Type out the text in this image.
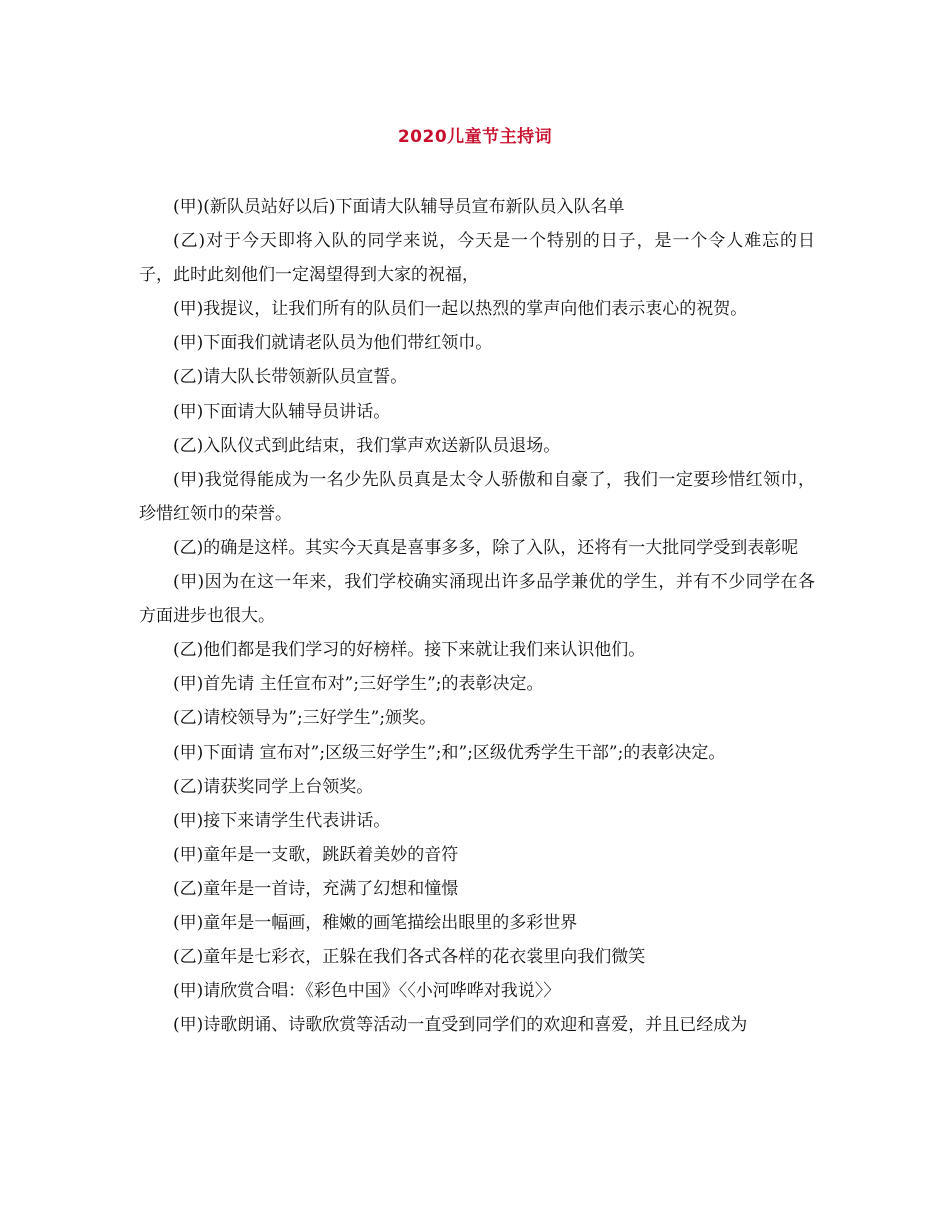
2020儿童节主持词

(甲)(新队员站好以后)下面请大队辅导员宣布新队员入队名单

(乙)对于今天即将入队的同学来说，今天是一个特别的日子，是一个令人难忘的日子，此时此刻他们一定渴望得到大家的祝福，

(甲)我提议，让我们所有的队员们一起以热烈的掌声向他们表示衷心的祝贺。

(甲)下面我们就请老队员为他们带红领巾。

(乙)请大队长带领新队员宣誓。

(甲)下面请大队辅导员讲话。

(乙)入队仪式到此结束，我们掌声欢送新队员退场。

(甲)我觉得能成为一名少先队员真是太令人骄傲和自豪了，我们一定要珍惜红领巾，珍惜红领巾的荣誉。

(乙)的确是这样。其实今天真是喜事多多，除了入队，还将有一大批同学受到表彰呢

(甲)因为在这一年来，我们学校确实涌现出许多品学兼优的学生，并有不少同学在各方面进步也很大。

(乙)他们都是我们学习的好榜样。接下来就让我们来认识他们。

(甲)首先请 主任宣布对”;三好学生”;的表彰决定。

(乙)请校领导为”;三好学生”;颁奖。

(甲)下面请 宣布对”;区级三好学生”;和”;区级优秀学生干部”;的表彰决定。

(乙)请获奖同学上台领奖。

(甲)接下来请学生代表讲话。

(甲)童年是一支歌，跳跃着美妙的音符

(乙)童年是一首诗，充满了幻想和憧憬

(甲)童年是一幅画，稚嫩的画笔描绘出眼里的多彩世界

(乙)童年是七彩衣，正躲在我们各式各样的花衣裳里向我们微笑

(甲)请欣赏合唱：《彩色中国》〈〈小河哗哗对我说〉〉

(甲)诗歌朗诵、诗歌欣赏等活动一直受到同学们的欢迎和喜爱，并且已经成为
